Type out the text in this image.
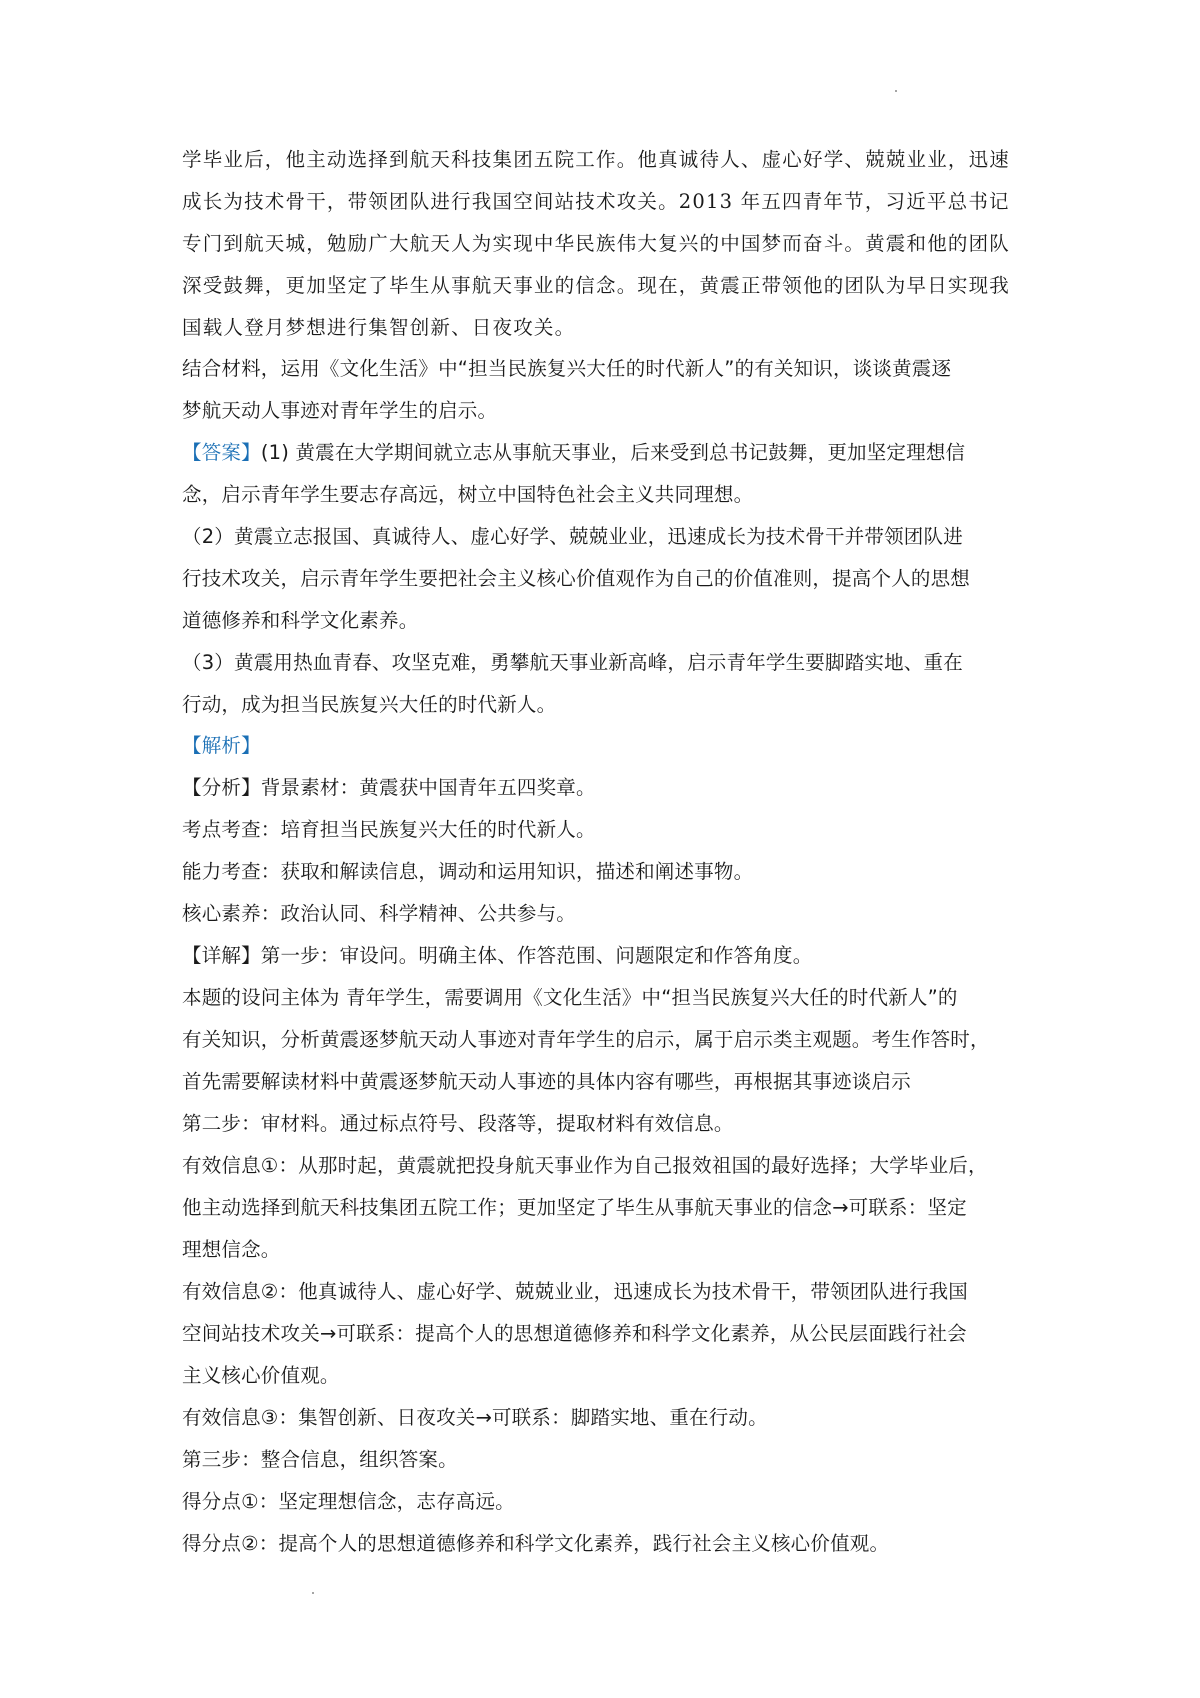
学毕业后，他主动选择到航天科技集团五院工作。他真诚待人、虚心好学、兢兢业业，迅速
成长为技术骨干，带领团队进行我国空间站技术攻关。2013 年五四青年节，习近平总书记
专门到航天城，勉励广大航天人为实现中华民族伟大复兴的中国梦而奋斗。黄震和他的团队
深受鼓舞，更加坚定了毕生从事航天事业的信念。现在，黄震正带领他的团队为早日实现我
国载人登月梦想进行集智创新、日夜攻关。
结合材料，运用《文化生活》中“担当民族复兴大任的时代新人”的有关知识，谈谈黄震逐
梦航天动人事迹对青年学生的启示。
【答案】(1) 黄震在大学期间就立志从事航天事业，后来受到总书记鼓舞，更加坚定理想信
念，启示青年学生要志存高远，树立中国特色社会主义共同理想。
（2）黄震立志报国、真诚待人、虚心好学、兢兢业业，迅速成长为技术骨干并带领团队进
行技术攻关，启示青年学生要把社会主义核心价值观作为自己的价值准则，提高个人的思想
道德修养和科学文化素养。
（3）黄震用热血青春、攻坚克难，勇攀航天事业新高峰，启示青年学生要脚踏实地、重在
行动，成为担当民族复兴大任的时代新人。
【解析】
【分析】背景素材：黄震获中国青年五四奖章。
考点考查：培育担当民族复兴大任的时代新人。
能力考查：获取和解读信息，调动和运用知识，描述和阐述事物。
核心素养：政治认同、科学精神、公共参与。
【详解】第一步：审设问。明确主体、作答范围、问题限定和作答角度。
本题的设问主体为 青年学生，需要调用《文化生活》中“担当民族复兴大任的时代新人”的
有关知识，分析黄震逐梦航天动人事迹对青年学生的启示，属于启示类主观题。考生作答时，
首先需要解读材料中黄震逐梦航天动人事迹的具体内容有哪些，再根据其事迹谈启示
第二步：审材料。通过标点符号、段落等，提取材料有效信息。
有效信息①：从那时起，黄震就把投身航天事业作为自己报效祖国的最好选择；大学毕业后，
他主动选择到航天科技集团五院工作；更加坚定了毕生从事航天事业的信念→可联系：坚定
理想信念。
有效信息②：他真诚待人、虚心好学、兢兢业业，迅速成长为技术骨干，带领团队进行我国
空间站技术攻关→可联系：提高个人的思想道德修养和科学文化素养，从公民层面践行社会
主义核心价值观。
有效信息③：集智创新、日夜攻关→可联系：脚踏实地、重在行动。
第三步：整合信息，组织答案。
得分点①：坚定理想信念，志存高远。
得分点②：提高个人的思想道德修养和科学文化素养，践行社会主义核心价值观。
